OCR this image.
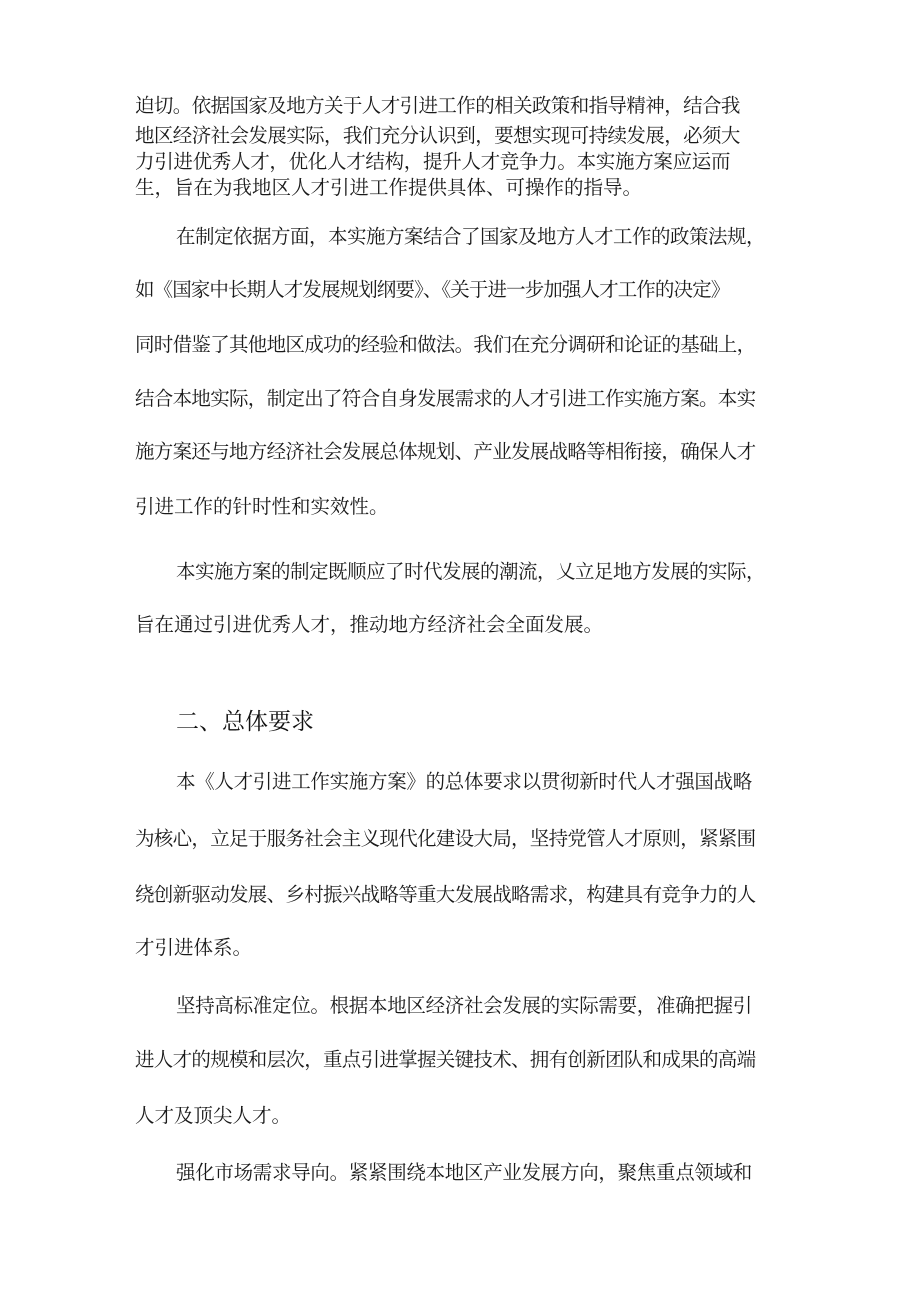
迫切。依据国家及地方关于人才引进工作的相关政策和指导精神，结合我
地区经济社会发展实际，我们充分认识到，要想实现可持续发展，必须大
力引进优秀人才，优化人才结构，提升人才竞争力。本实施方案应运而
生，旨在为我地区人才引进工作提供具体、可操作的指导。
在制定依据方面，本实施方案结合了国家及地方人才工作的政策法规，
如《国家中长期人才发展规划纲要》、《关于进一步加强人才工作的决定》
同时借鉴了其他地区成功的经验和做法。我们在充分调研和论证的基础上，
结合本地实际，制定出了符合自身发展需求的人才引进工作实施方案。本实
施方案还与地方经济社会发展总体规划、产业发展战略等相衔接，确保人才
引进工作的针时性和实效性。
本实施方案的制定既顺应了时代发展的潮流，乂立足地方发展的实际，
旨在通过引进优秀人才，推动地方经济社会全面发展。
二、总体要求
本《人才引进工作实施方案》的总体要求以贯彻新时代人才强国战略
为核心，立足于服务社会主义现代化建设大局，坚持党管人才原则，紧紧围
绕创新驱动发展、乡村振兴战略等重大发展战略需求，构建具有竞争力的人
才引进体系。
坚持高标准定位。根据本地区经济社会发展的实际需要，准确把握引
进人才的规模和层次，重点引进掌握关键技术、拥有创新团队和成果的高端
人才及顶尖人才。
强化市场需求导向。紧紧围绕本地区产业发展方向，聚焦重点领域和
